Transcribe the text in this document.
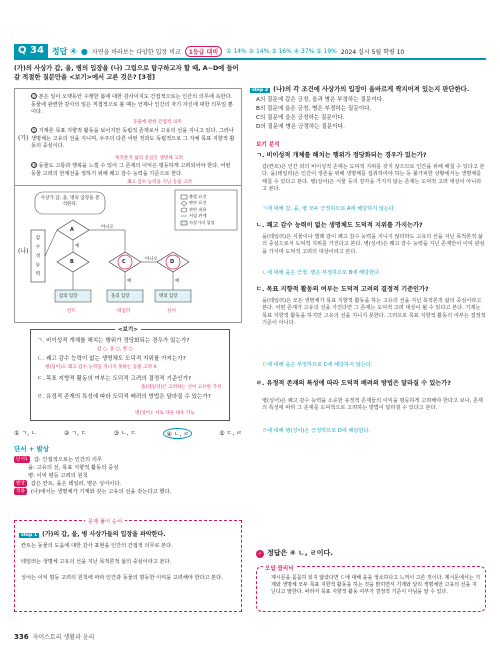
Q 34	정답 ④ ● 자연을 바라보는 다양한 입장 비교	1등급 대비	① 14% ② 14% ③ 16% ④ 37% ⑤ 19% 2024 실시 5월 학평 10
(가)의 사상가 갑, 을, 병의 입장을 (나) 그림으로 탐구하고자 할 때, A~D에 들어갈 적절한 질문만을 <보기>에서 고른 것은? [3점]
(가)
갑 본은 일이 오랫동안 수행한 봄에 대한 감사이지도 간접적으로는 인간의 의무에 속한다. 동물에 관련한 감사의 일은 직접적으로 볼 때는 언제나 인간의 자기 자신에 대한 의무일 뿐이다.
동물에 관한 간접적 의무
을 기계론 목표 지향적 활동을 보이지만 독립적 존재로서 고유의 선을 지니고 있다. 그러나 생명체는 고유의 선을 지니며, 우주의 다른 어떤 것과도 독립적으로 그 자체 목표 지향적 활동의 중심이다.
목적론적 삶의 중심인 생명체 고려
병 동물도 고통과 행복을 느낄 수 있어 그 존재의 이익은 평등하게 고려되어야 한다. 어떤 동물 고려의 한계선을 정하기 위해 쾌고 감수 능력을 기준으로 한다.
쾌고 감수 능력을 지닌 동물 고려
(나)
사상가 갑, 을, 병의 입장을 분석한다.
출발 요건
판단 요건
관단 내용
서설 관계
사상가의 입장
감 수 성 능 력
A
B	C	D
아니오
예
아니오
예	예
갑의 입장	을의 입장	병의 입장
칸트	테일러	싱어
<보기>
ㄱ. 비이성적 개체를 해치는 행위가 정당화되는 경우가 있는가?
갑 ○, 을 ○, 병 ○
ㄴ. 쾌고 감수 능력이 없는 생명체도 도덕적 지위를 가지는가?
병(싱어)도 쾌고 감수 능력을 지니지 못하는 동물 고려 X
ㄷ. 목표 지향적 활동의 여부는 도덕적 고려의 결정적 기준인가?
을(테일러)은 고려하는 선이 고유한 가치
ㄹ. 유정적 존재의 특성에 따라 도덕적 배려의 방법은 달라질 수 있는가?
병(싱어): 서로 다른 대우 가능
① ㄱ, ㄴ	② ㄱ, ㄷ	③ ㄴ, ㄷ	④ ㄴ, ㄹ	⑤ ㄷ, ㄹ
단서 + 발상
단서1	갑: 간접적으로는 인간의 의무
을: 고유의 선, 목표 지향적 활동의 중심
병: 이익 평등 고려의 원칙
발상	갑은 칸트, 을은 테일러, 병은 싱어이다.
적용	(나)에서는 생명체가 기계와 갖는 고유의 선을 갖는다고 했다.
문제 풀이 순서
step 1 (가)의 갑, 을, 병 사상가들의 입장을 파악한다.
칸트는 동물의 도움에 대한 감사 표현을 인간의 간접적 의무로 본다.
테일러는 생명체 고유의 선을 지닌 목적론적 삶의 중심이라고 본다.
싱어는 이익 평등 고려의 원칙에 따라 인간과 동물의 평등한 이익을 고려해야 한다고 본다.
step 2 (나)의 각 조건에 사상가의 입장이 올바르게 짝지어져 있는지 판단한다.
A의 질문에 갑은 긍정, 을과 병은 부정하는 질문이다.
B의 질문에 을은 긍정, 병은 부정하는 질문이다.
C의 질문에 을은 긍정하는 질문이다.
D의 질문에 병은 긍정하는 질문이다.
보기 분석
ㄱ. 비이성적 개체를 해치는 행위가 정당화되는 경우가 있는가?
갑(칸트)은 인간 외의 비이성적 존재는 도덕적 지위를 갖지 않으므로 인간을 위해 해칠 수 있다고 본다. 을(테일러)은 인간이 생존을 위해 생명체를 섭취하여야 하는 등 불가피한 상황에서는 생명체를 해칠 수 있다고 본다. 병(싱어)은 식물 등의 감각을 가지지 않는 존재는 도덕적 고려 대상이 아니라고 본다.
ㄱ에 대해 갑, 을, 병 모두 긍정하므로 A에 해당하지 않는다.
ㄴ. 쾌고 감수 능력이 없는 생명체도 도덕적 지위를 가지는가?
을(테일러)은 식물이나 벌레 같이 쾌고 감수 능력을 지니지 않더라도 고유의 선을 지닌 목적론적 삶의 중심으로서 도덕적 지위를 가진다고 본다. 병(싱어)은 쾌고 감수 능력을 지닌 존재만이 이익 관심을 가지며 도덕적 고려의 대상이라고 본다.
ㄴ에 대해 을은 긍정, 병은 부정하므로 B에 해당한다.
ㄷ. 목표 지향적 활동의 여부는 도덕적 고려의 결정적 기준인가?
을(테일러)은 모든 생명체가 목표 지향적 활동을 하는 고유의 선을 지닌 목적론적 삶의 중심이라고 본다. 어떤 존재가 고유의 선을 가진다면 그 존재는 도덕적 고려 대상이 될 수 있다고 본다. 기계는 목표 지향적 활동을 하지만 고유의 선을 지니지 못한다. 그러므로 목표 지향적 활동의 여부는 결정적 기준이 아니다.
ㄷ에 대해 을은 부정하므로 C에 해당하지 않는다.
ㄹ. 유정적 존재의 특성에 따라 도덕적 배려의 방법은 달라질 수 있는가?
병(싱어)은 쾌고 감수 능력을 소유한 유정적 존재들의 이익을 평등하게 고려해야 한다고 보나, 존재의 특성에 따라 그 존재를 도덕적으로 고려하는 방법이 달라질 수 있다고 본다.
ㄹ에 대해 병(싱어)은 긍정하므로 D에 해당한다.
✓ 정답은 ④ ㄴ, ㄹ이다.
오답 클리닉
제시문을 꼼꼼히 읽지 않았다면 ㄷ에 대해 을을 생소하다고 느껴서 고른 것이다. 제시문에서는 기계와 생명체 모두 목표 지향적 활동을 하는 것을 밝히면서 기계와 달리 생명체만 고유의 선을 지닌다고 말한다. 따라서 목표 지향적 활동 여부가 결정적 기준이 아님을 알 수 있다.
336 자이스토리 생활과 윤리
